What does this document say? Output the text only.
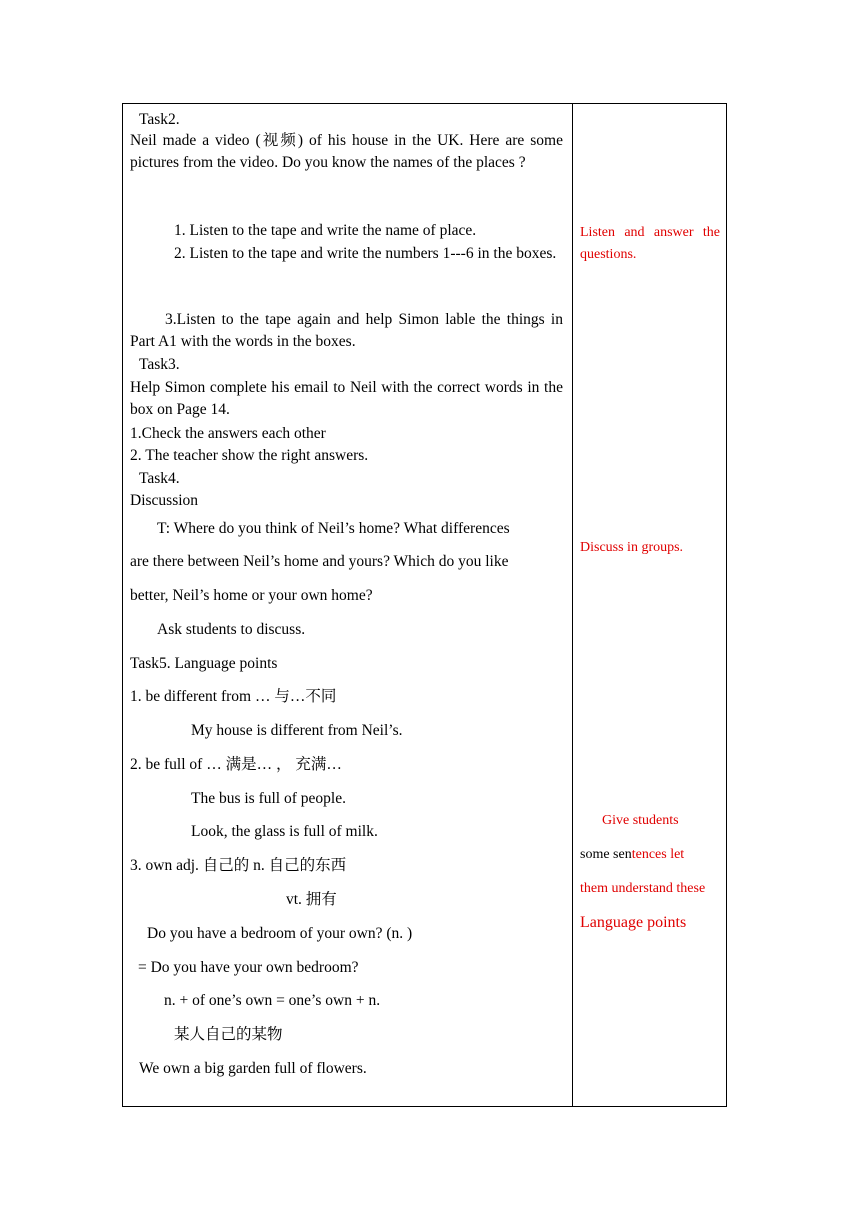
Task2.
Neil made a video (视频) of his house in the UK. Here are some pictures from the video. Do you know the names of the places ?
1. Listen to the tape and write the name of place.
2. Listen to the tape and write the numbers 1---6 in the boxes.
3.Listen to the tape again and help Simon lable the things in Part A1 with the words in the boxes.
Task3.
Help Simon complete his email to Neil with the correct words in the box on Page 14.
1.Check the answers each other
2. The teacher show the right answers.
Task4.
Discussion
T: Where do you think of Neil’s home? What differences
are there between Neil’s home and yours? Which do you like
better, Neil’s home or your own home?
Ask students to discuss.
Task5. Language points
1. be different from … 与…不同
My house is different from Neil’s.
2. be full of … 满是… ， 充满…
The bus is full of people.
Look, the glass is full of milk.
3. own adj. 自己的 n. 自己的东西
vt. 拥有
Do you have a bedroom of your own? (n. )
= Do you have your own bedroom?
n. + of one’s own = one’s own + n.
某人自己的某物
We own a big garden full of flowers.
Listen and answer the questions.
Discuss in groups.
Give students
some sentences let
them understand these
Language points
